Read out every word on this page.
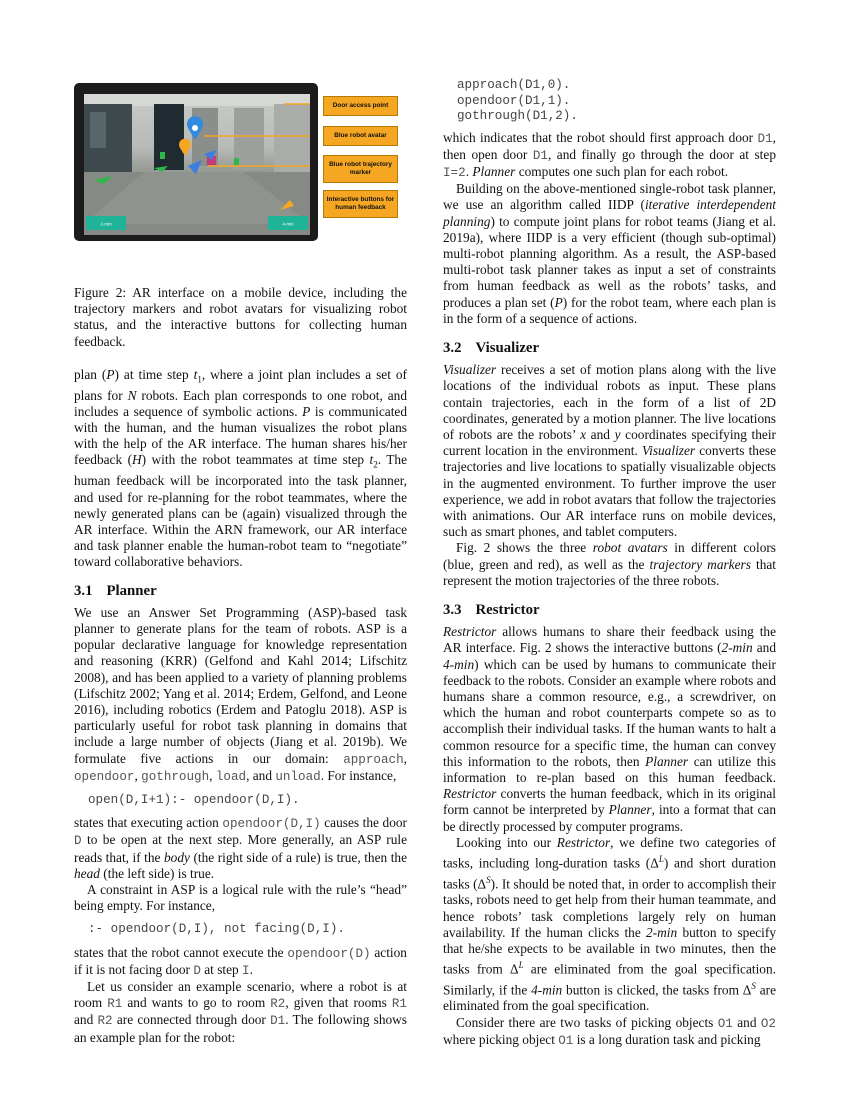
2-min	4-min
Door access point
Blue robot avatar
Blue robot trajectory marker
Interactive buttons for human feedback

Figure 2: AR interface on a mobile device, including the trajectory markers and robot avatars for visualizing robot status, and the interactive buttons for collecting human feedback.

plan (P) at time step $t_1$, where a joint plan includes a set of plans for N robots. Each plan corresponds to one robot, and includes a sequence of symbolic actions. P is communicated with the human, and the human visualizes the robot plans with the help of the AR interface. The human shares his/her feedback (H) with the robot teammates at time step $t_2$. The human feedback will be incorporated into the task planner, and used for re-planning for the robot teammates, where the newly generated plans can be (again) visualized through the AR interface. Within the ARN framework, our AR interface and task planner enable the human-robot team to “negotiate” toward collaborative behaviors.

3.1 Planner

We use an Answer Set Programming (ASP)-based task planner to generate plans for the team of robots. ASP is a popular declarative language for knowledge representation and reasoning (KRR) (Gelfond and Kahl 2014; Lifschitz 2008), and has been applied to a variety of planning problems (Lifschitz 2002; Yang et al. 2014; Erdem, Gelfond, and Leone 2016), including robotics (Erdem and Patoglu 2018). ASP is particularly useful for robot task planning in domains that include a large number of objects (Jiang et al. 2019b). We formulate five actions in our domain: approach, opendoor, gothrough, load, and unload. For instance,

open(D,I+1):- opendoor(D,I).

states that executing action opendoor(D,I) causes the door D to be open at the next step. More generally, an ASP rule reads that, if the body (the right side of a rule) is true, then the head (the left side) is true.

A constraint in ASP is a logical rule with the rule’s “head” being empty. For instance,

:- opendoor(D,I), not facing(D,I).

states that the robot cannot execute the opendoor(D) action if it is not facing door D at step I.

Let us consider an example scenario, where a robot is at room R1 and wants to go to room R2, given that rooms R1 and R2 are connected through door D1. The following shows an example plan for the robot:

approach(D1,0).
opendoor(D1,1).
gothrough(D1,2).

which indicates that the robot should first approach door D1, then open door D1, and finally go through the door at step I=2. Planner computes one such plan for each robot.

Building on the above-mentioned single-robot task planner, we use an algorithm called IIDP (iterative interdependent planning) to compute joint plans for robot teams (Jiang et al. 2019a), where IIDP is a very efficient (though sub-optimal) multi-robot planning algorithm. As a result, the ASP-based multi-robot task planner takes as input a set of constraints from human feedback as well as the robots’ tasks, and produces a plan set (P) for the robot team, where each plan is in the form of a sequence of actions.

3.2 Visualizer

Visualizer receives a set of motion plans along with the live locations of the individual robots as input. These plans contain trajectories, each in the form of a list of 2D coordinates, generated by a motion planner. The live locations of robots are the robots’ x and y coordinates specifying their current location in the environment. Visualizer converts these trajectories and live locations to spatially visualizable objects in the augmented environment. To further improve the user experience, we add in robot avatars that follow the trajectories with animations. Our AR interface runs on mobile devices, such as smart phones, and tablet computers.

Fig. 2 shows the three robot avatars in different colors (blue, green and red), as well as the trajectory markers that represent the motion trajectories of the three robots.

3.3 Restrictor

Restrictor allows humans to share their feedback using the AR interface. Fig. 2 shows the interactive buttons (2-min and 4-min) which can be used by humans to communicate their feedback to the robots. Consider an example where robots and humans share a common resource, e.g., a screwdriver, on which the human and robot counterparts compete so as to accomplish their individual tasks. If the human wants to halt a common resource for a specific time, the human can convey this information to the robots, then Planner can utilize this information to re-plan based on this human feedback. Restrictor converts the human feedback, which in its original form cannot be interpreted by Planner, into a format that can be directly processed by computer programs.

Looking into our Restrictor, we define two categories of tasks, including long-duration tasks $(\Delta^L)$ and short duration tasks $(\Delta^S)$. It should be noted that, in order to accomplish their tasks, robots need to get help from their human teammate, and hence robots’ task completions largely rely on human availability. If the human clicks the 2-min button to specify that he/she expects to be available in two minutes, then the tasks from $\Delta^L$ are eliminated from the goal specification. Similarly, if the 4-min button is clicked, the tasks from $\Delta^S$ are eliminated from the goal specification.

Consider there are two tasks of picking objects O1 and O2 where picking object O1 is a long duration task and picking
